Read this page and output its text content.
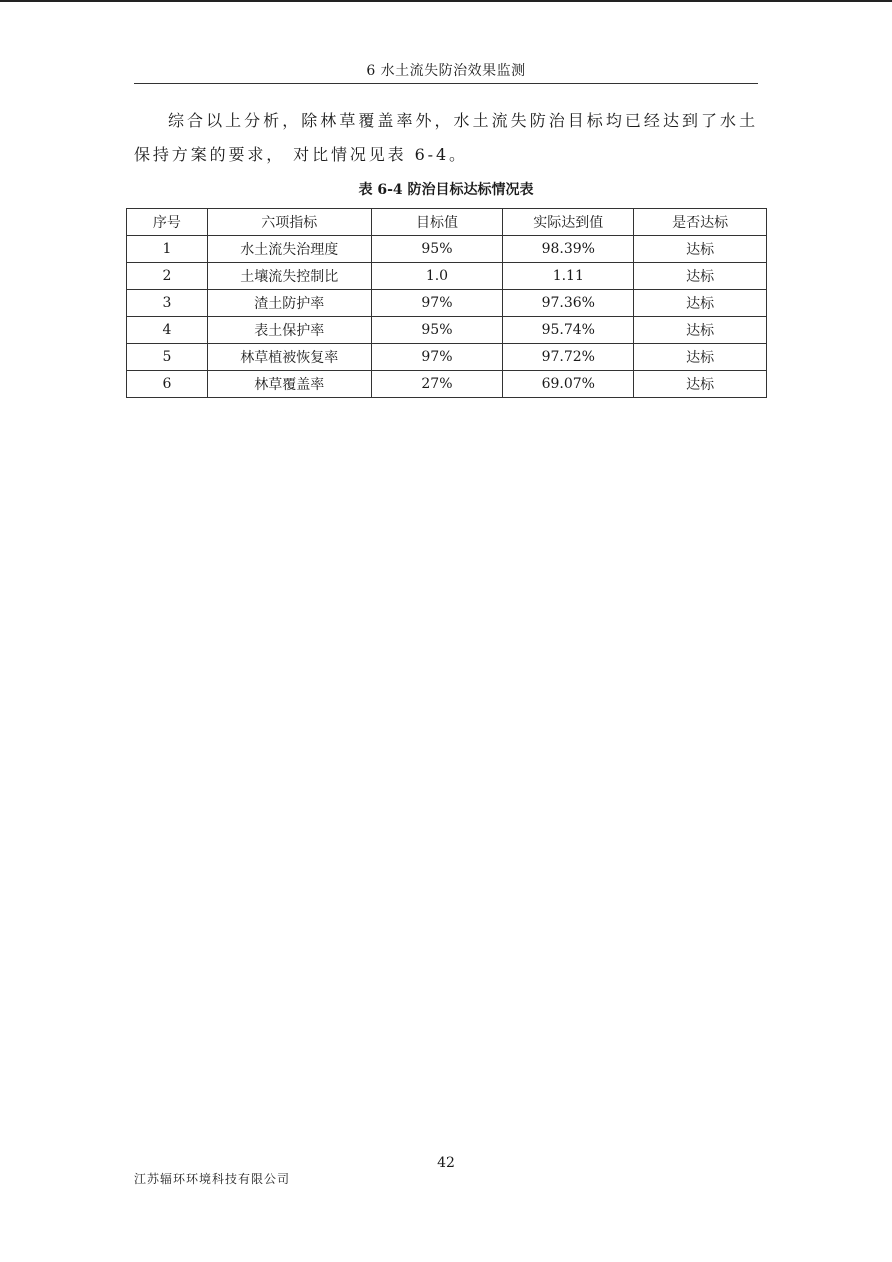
6 水土流失防治效果监测

综合以上分析，除林草覆盖率外，水土流失防治目标均已经达到了水土保持方案的要求， 对比情况见表 6-4。

表 6-4 防治目标达标情况表
序号	六项指标	目标值	实际达到值	是否达标
1	水土流失治理度	95%	98.39%	达标
2	土壤流失控制比	1.0	1.11	达标
3	渣土防护率	97%	97.36%	达标
4	表土保护率	95%	95.74%	达标
5	林草植被恢复率	97%	97.72%	达标
6	林草覆盖率	27%	69.07%	达标
42
江苏辐环环境科技有限公司
